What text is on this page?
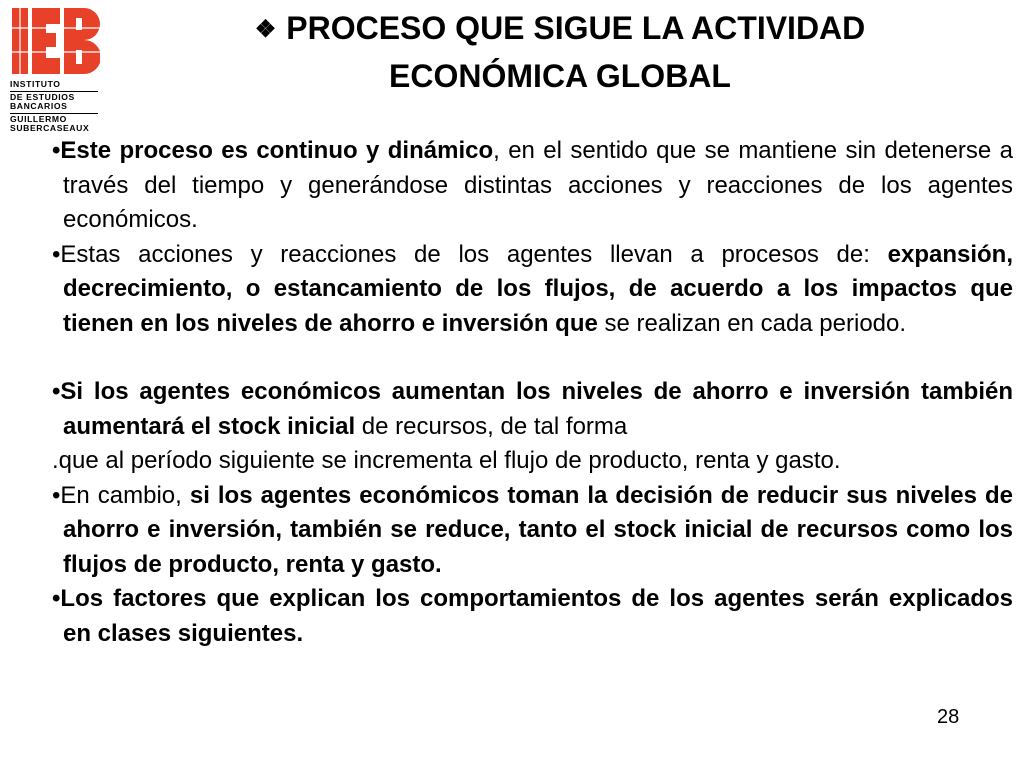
INSTITUTO
DE ESTUDIOS
BANCARIOS
GUILLERMO
SUBERCASEAUX
❖ PROCESO QUE SIGUE LA ACTIVIDAD
ECONÓMICA GLOBAL

•Este proceso es continuo y dinámico, en el sentido que se mantiene sin detenerse a través del tiempo y generándose distintas acciones y reacciones de los agentes económicos.

•Estas acciones y reacciones de los agentes llevan a procesos de: expansión, decrecimiento, o estancamiento de los flujos, de acuerdo a los impactos que tienen en los niveles de ahorro e inversión que se realizan en cada periodo.

•Si los agentes económicos aumentan los niveles de ahorro e inversión también aumentará el stock inicial de recursos, de tal forma

.que al período siguiente se incrementa el flujo de producto, renta y gasto.

•En cambio, si los agentes económicos toman la decisión de reducir sus niveles de ahorro e inversión, también se reduce, tanto el stock inicial de recursos como los flujos de producto, renta y gasto.

•Los factores que explican los comportamientos de los agentes serán explicados en clases siguientes.

28
